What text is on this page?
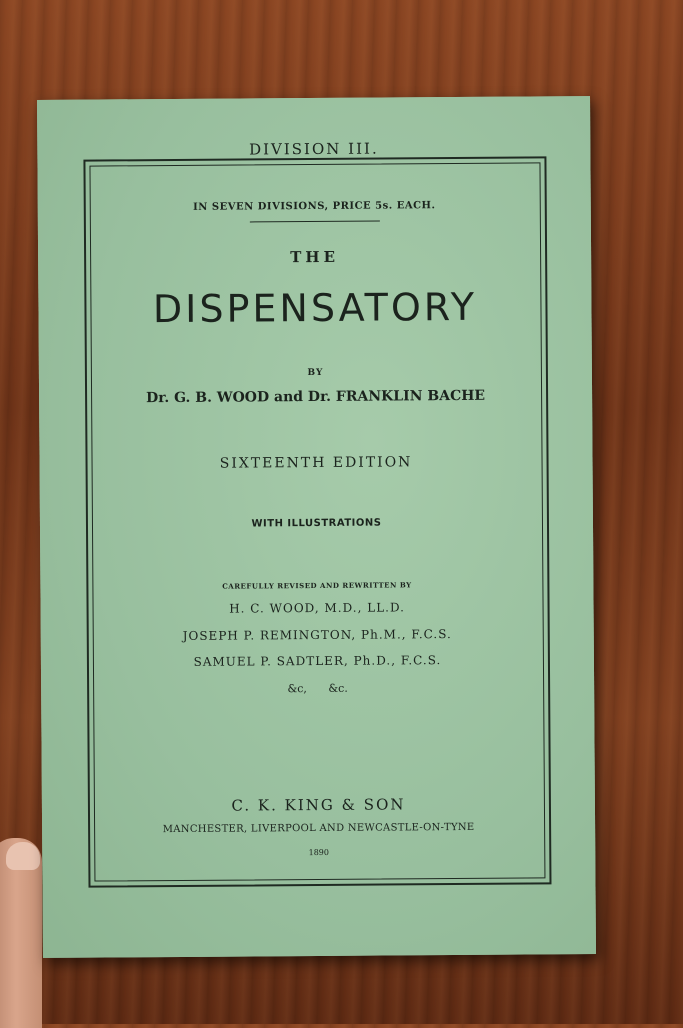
DIVISION III.

IN SEVEN DIVISIONS, PRICE 5s. EACH.

THE

DISPENSATORY

BY

Dr. G. B. WOOD and Dr. FRANKLIN BACHE

SIXTEENTH EDITION

WITH ILLUSTRATIONS

CAREFULLY REVISED AND REWRITTEN BY

H. C. WOOD, M.D., LL.D.

JOSEPH P. REMINGTON, Ph.M., F.C.S.

SAMUEL P. SADTLER, Ph.D., F.C.S.

&c, &c.

C. K. KING & SON

MANCHESTER, LIVERPOOL AND NEWCASTLE-ON-TYNE

1890
